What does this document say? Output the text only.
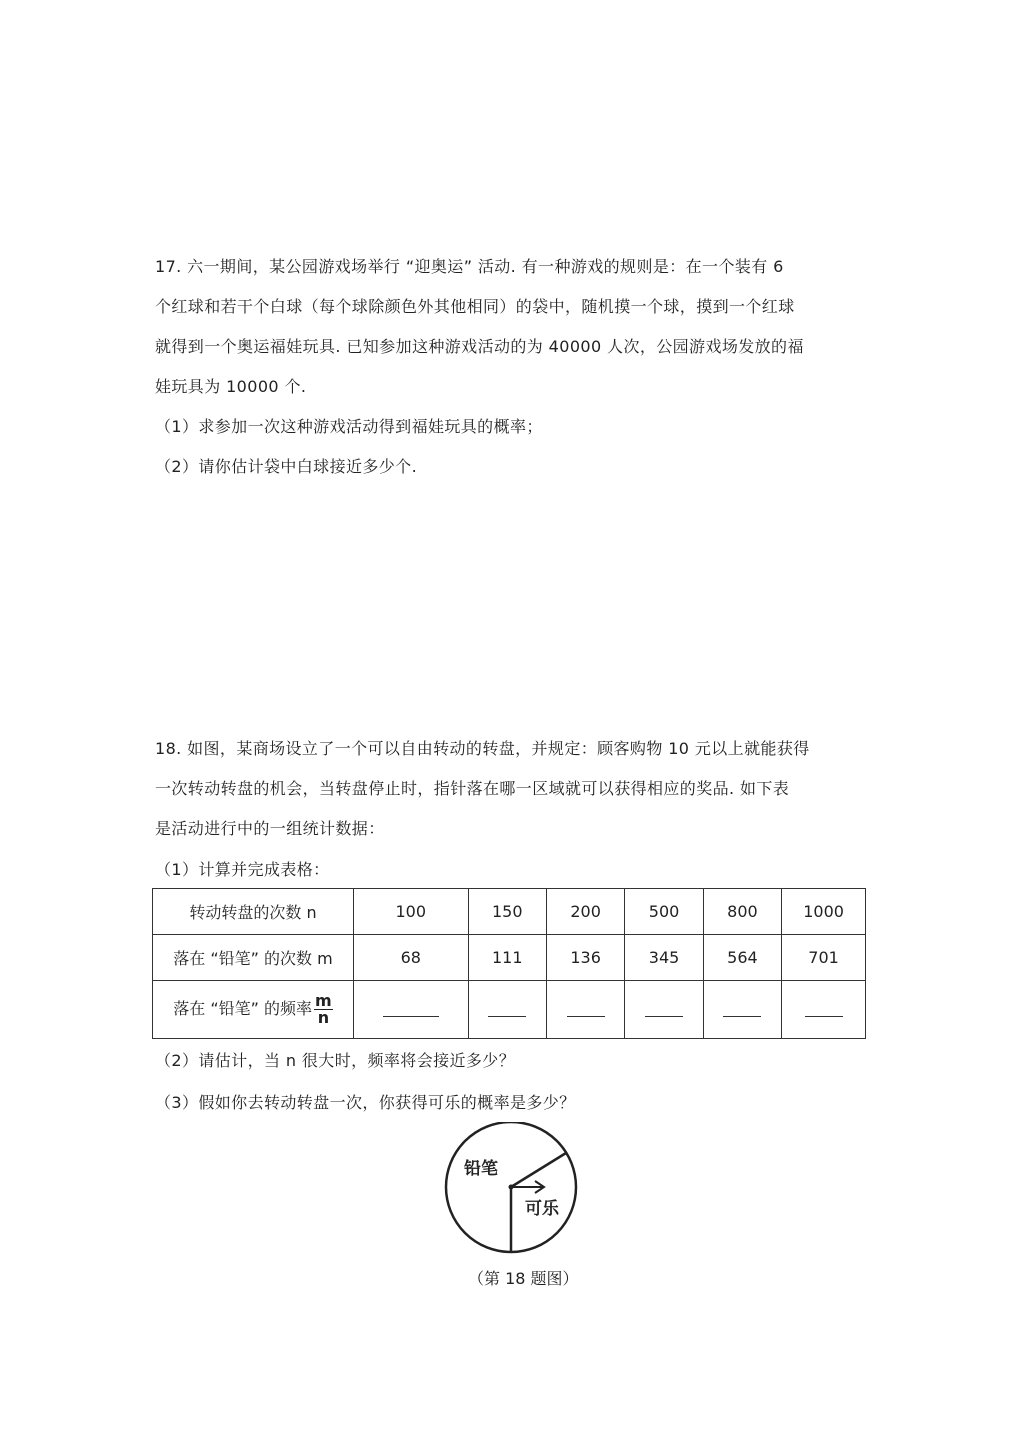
17. 六一期间，某公园游戏场举行 “迎奥运” 活动. 有一种游戏的规则是：在一个装有 6
个红球和若干个白球（每个球除颜色外其他相同）的袋中，随机摸一个球，摸到一个红球
就得到一个奥运福娃玩具. 已知参加这种游戏活动的为 40000 人次，公园游戏场发放的福
娃玩具为 10000 个.
（1）求参加一次这种游戏活动得到福娃玩具的概率；
（2）请你估计袋中白球接近多少个.
18. 如图，某商场设立了一个可以自由转动的转盘，并规定：顾客购物 10 元以上就能获得
一次转动转盘的机会，当转盘停止时，指针落在哪一区域就可以获得相应的奖品. 如下表
是活动进行中的一组统计数据：
（1）计算并完成表格：
转动转盘的次数 n	100	150	200	500	800	1000
落在 “铅笔” 的次数 m	68	111	136	345	564	701
落在 “铅笔” 的频率 $\frac{m}{n}$

（2）请估计，当 n 很大时，频率将会接近多少？
（3）假如你去转动转盘一次，你获得可乐的概率是多少？
铅笔
可乐
（第 18 题图）
